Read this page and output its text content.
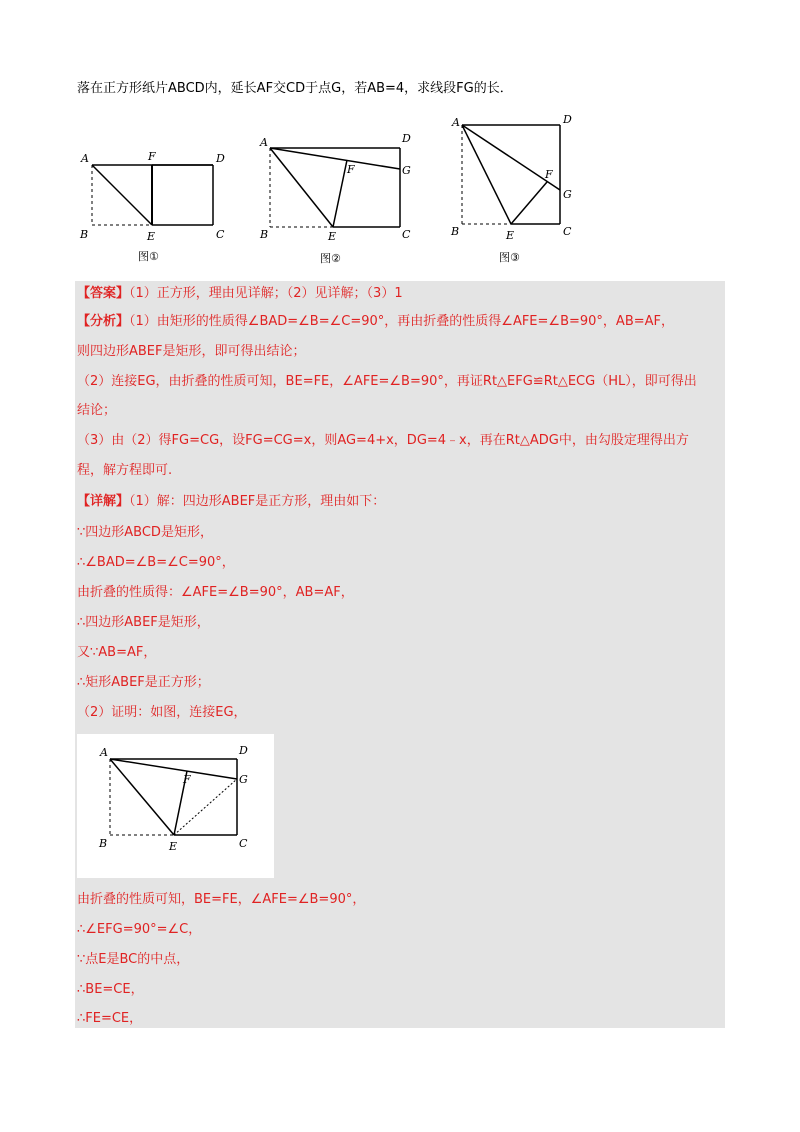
落在正方形纸片ABCD内，延长AF交CD于点G，若AB=4，求线段FG的长．
A	F	D
B	E	C
图①
A	D
G
F
B	E	C
图②
A	D
F
G
B	E	C
图③
【答案】（1）正方形，理由见详解；（2）见详解；（3）1
【分析】（1）由矩形的性质得∠BAD=∠B=∠C=90°，再由折叠的性质得∠AFE=∠B=90°，AB=AF，
则四边形ABEF是矩形，即可得出结论；
（2）连接EG，由折叠的性质可知，BE=FE，∠AFE=∠B=90°，再证Rt△EFG≌Rt△ECG（HL），即可得出
结论；
（3）由（2）得FG=CG，设FG=CG=x，则AG=4+x，DG=4﹣x，再在Rt△ADG中，由勾股定理得出方
程，解方程即可.
【详解】（1）解：四边形ABEF是正方形，理由如下：
∵四边形ABCD是矩形，
∴∠BAD=∠B=∠C=90°，
由折叠的性质得：∠AFE=∠B=90°，AB=AF，
∴四边形ABEF是矩形，
又∵AB=AF，
∴矩形ABEF是正方形；
（2）证明：如图，连接EG，
A	D
F	G
B	E	C
由折叠的性质可知，BE=FE，∠AFE=∠B=90°，
∴∠EFG=90°=∠C，
∵点E是BC的中点，
∴BE=CE，
∴FE=CE，
